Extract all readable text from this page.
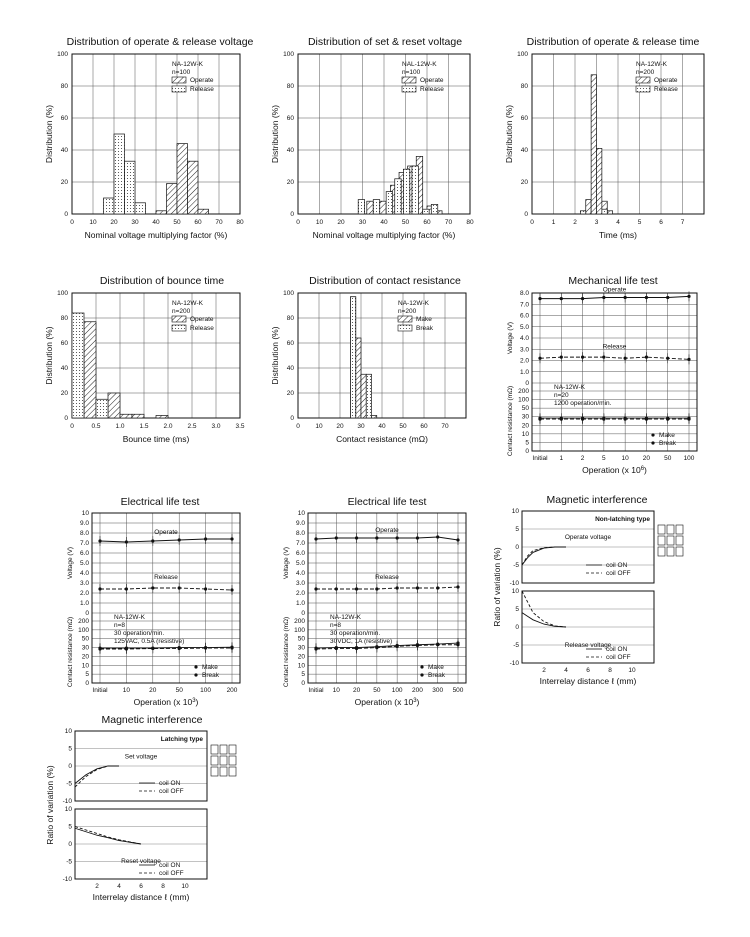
Distribution of operate & release voltage
20
40
60
80
100
0 10 20 30 40 50 60 70 80
0
Nominal voltage multiplying factor (%)
Distribution (%)
NA-12W-K
n=100
Operate
Release
Distribution of set & reset voltage
20
40
60
80
100
0 10 20 30 40 50 60 70 80
0
Nominal voltage multiplying factor (%)
Distribution (%)
NAL-12W-K
n=100
Operate
Release
Distribution of operate & release time
20
40
60
80
100
0	1	2	3	4	5	6	7
0
Time (ms)
Distribution (%)
NA-12W-K
n=200
Operate
Release
Distribution of bounce time
20
40
60
80
100
0	0.5 1.0 1.5 2.0 2.5 3.0 3.5
0
Bounce time (ms)
Distribution (%)
NA-12W-K
n=200
Operate
Release
Distribution of contact resistance
20
40
60
80
100
0 10 20 30 40 50 60 70
0
Contact resistance (mΩ)
Distribution (%)
NA-12W-K
n=200
Make
Break
Mechanical life test
8.0
7.0
6.0
5.0
4.0
3.0
2.0
1.0
0
200
100
50
30
20
10
5
0
Operate
Release
NA-12W-K
n=20
1200 operation/min.
Make
Break
Initial 1	2	5 10 20 50 100
Operation (x $10^6$)
Voltage (V)
Contact resistance (mΩ)
Electrical life test
10
9.0
8.0
7.0
6.0
5.0
4.0
3.0
2.0
1.0
0
200
100
50
30
20
10
5
0
Operate
Release
NA-12W-K
n=8
30 operation/min.
125VAC, 0.5A (resistive)
Make
Break
Initial 10	20	50	100 200
Operation (x $10^3$)
Voltage (V)
Contact resistance (mΩ)
Electrical life test
10
9.0
8.0
7.0
6.0
5.0
4.0
3.0
2.0
1.0
0
200
100
50
30
20
10
5
0
Operate
Release
NA-12W-K
n=8
30 operation/min.
30VDC, 1A (resistive)
Make
Break
Initial 10 20 50 100 200 300 500
Operation (x $10^3$)
Voltage (V)
Contact resistance (mΩ)
Magnetic interference
10
5
0
-5
-10
Operate voltage
coil ON
coil OFF
10
5
0
-5
-10
Release voltage
coil ON
coil OFF
Non-latching type
2	4	6	8	10
Interrelay distance ℓ (mm)
Ratio of variation (%)
Magnetic interference
10
5
0
-5
-10
Set voltage
coil ON
coil OFF
10
5
0
-5
-10
Reset voltage
coil ON
coil OFF
Latching type
2	4	6	8	10
Interrelay distance ℓ (mm)
Ratio of variation (%)
